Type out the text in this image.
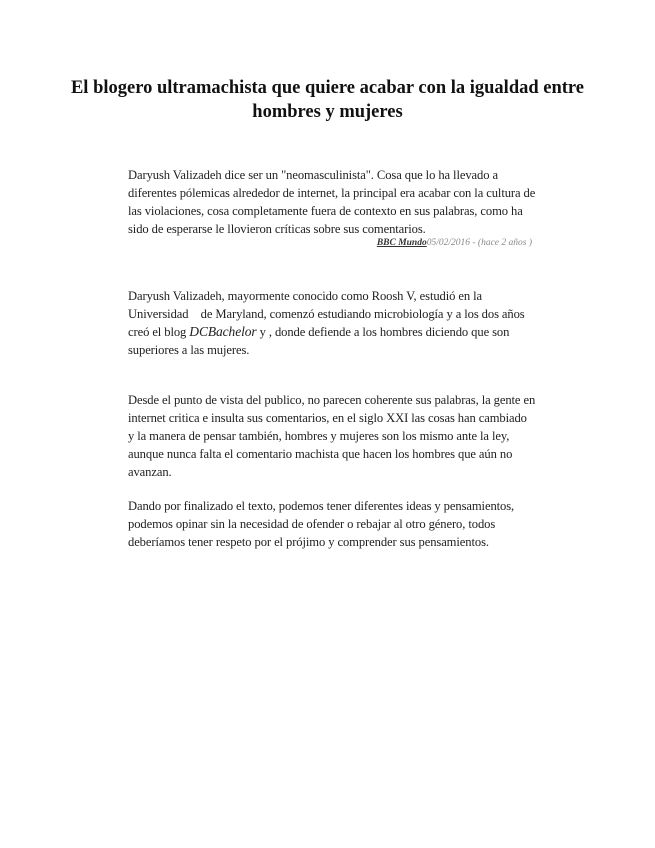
El blogero ultramachista que quiere acabar con la igualdad entre hombres y mujeres

Daryush Valizadeh dice ser un "neomasculinista". Cosa que lo ha llevado a diferentes pólemicas alrededor de internet, la principal era acabar con la cultura de las violaciones, cosa completamente fuera de contexto en sus palabras, como ha sido de esperarse le llovieron críticas sobre sus comentarios.

BBC Mundo05/02/2016 - (hace 2 años )

Daryush Valizadeh, mayormente conocido como Roosh V, estudió en la Universidad    de Maryland, comenzó estudiando microbiología y a los dos años creó el blog DCBachelor y , donde defiende a los hombres diciendo que son superiores a las mujeres.

Desde el punto de vista del publico, no parecen coherente sus palabras, la gente en internet critica e insulta sus comentarios, en el siglo XXI las cosas han cambiado y la manera de pensar también, hombres y mujeres son los mismo ante la ley, aunque nunca falta el comentario machista que hacen los hombres que aún no avanzan.

Dando por finalizado el texto, podemos tener diferentes ideas y pensamientos, podemos opinar sin la necesidad de ofender o rebajar al otro género, todos deberíamos tener respeto por el prójimo y comprender sus pensamientos.
